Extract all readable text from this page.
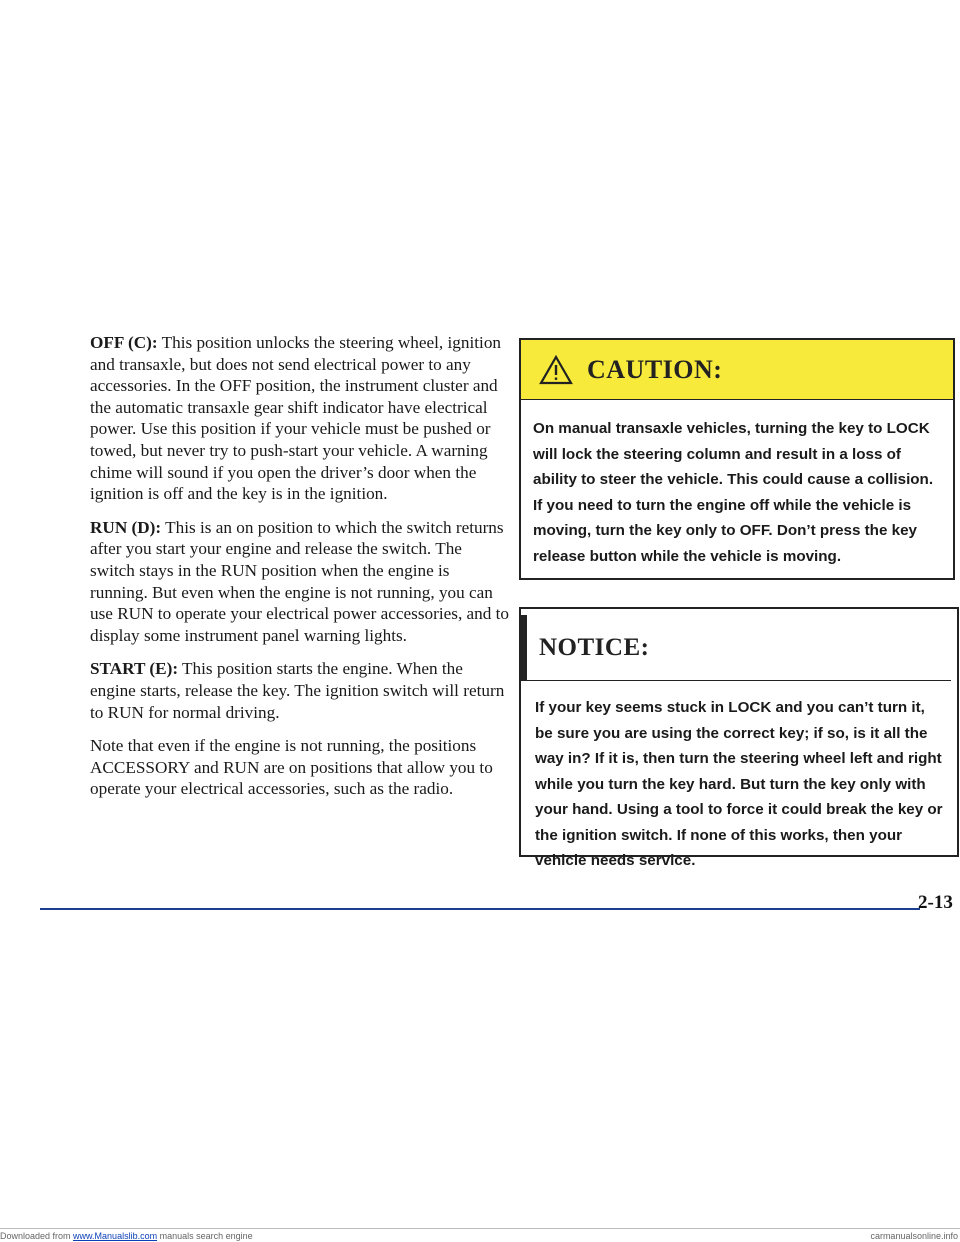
OFF (C): This position unlocks the steering wheel, ignition and transaxle, but does not send electrical power to any accessories. In the OFF position, the instrument cluster and the automatic transaxle gear shift indicator have electrical power. Use this position if your vehicle must be pushed or towed, but never try to push-start your vehicle. A warning chime will sound if you open the driver’s door when the ignition is off and the key is in the ignition.

RUN (D): This is an on position to which the switch returns after you start your engine and release the switch. The switch stays in the RUN position when the engine is running. But even when the engine is not running, you can use RUN to operate your electrical power accessories, and to display some instrument panel warning lights.

START (E): This position starts the engine. When the engine starts, release the key. The ignition switch will return to RUN for normal driving.

Note that even if the engine is not running, the positions ACCESSORY and RUN are on positions that allow you to operate your electrical accessories, such as the radio.

CAUTION:
On manual transaxle vehicles, turning the key to LOCK will lock the steering column and result in a loss of ability to steer the vehicle. This could cause a collision. If you need to turn the engine off while the vehicle is moving, turn the key only to OFF. Don’t press the key release button while the vehicle is moving.
NOTICE:
If your key seems stuck in LOCK and you can’t turn it, be sure you are using the correct key; if so, is it all the way in? If it is, then turn the steering wheel left and right while you turn the key hard. But turn the key only with your hand. Using a tool to force it could break the key or the ignition switch. If none of this works, then your vehicle needs service.
2-13
Downloaded from www.Manualslib.com manuals search engine	carmanualsonline.info
